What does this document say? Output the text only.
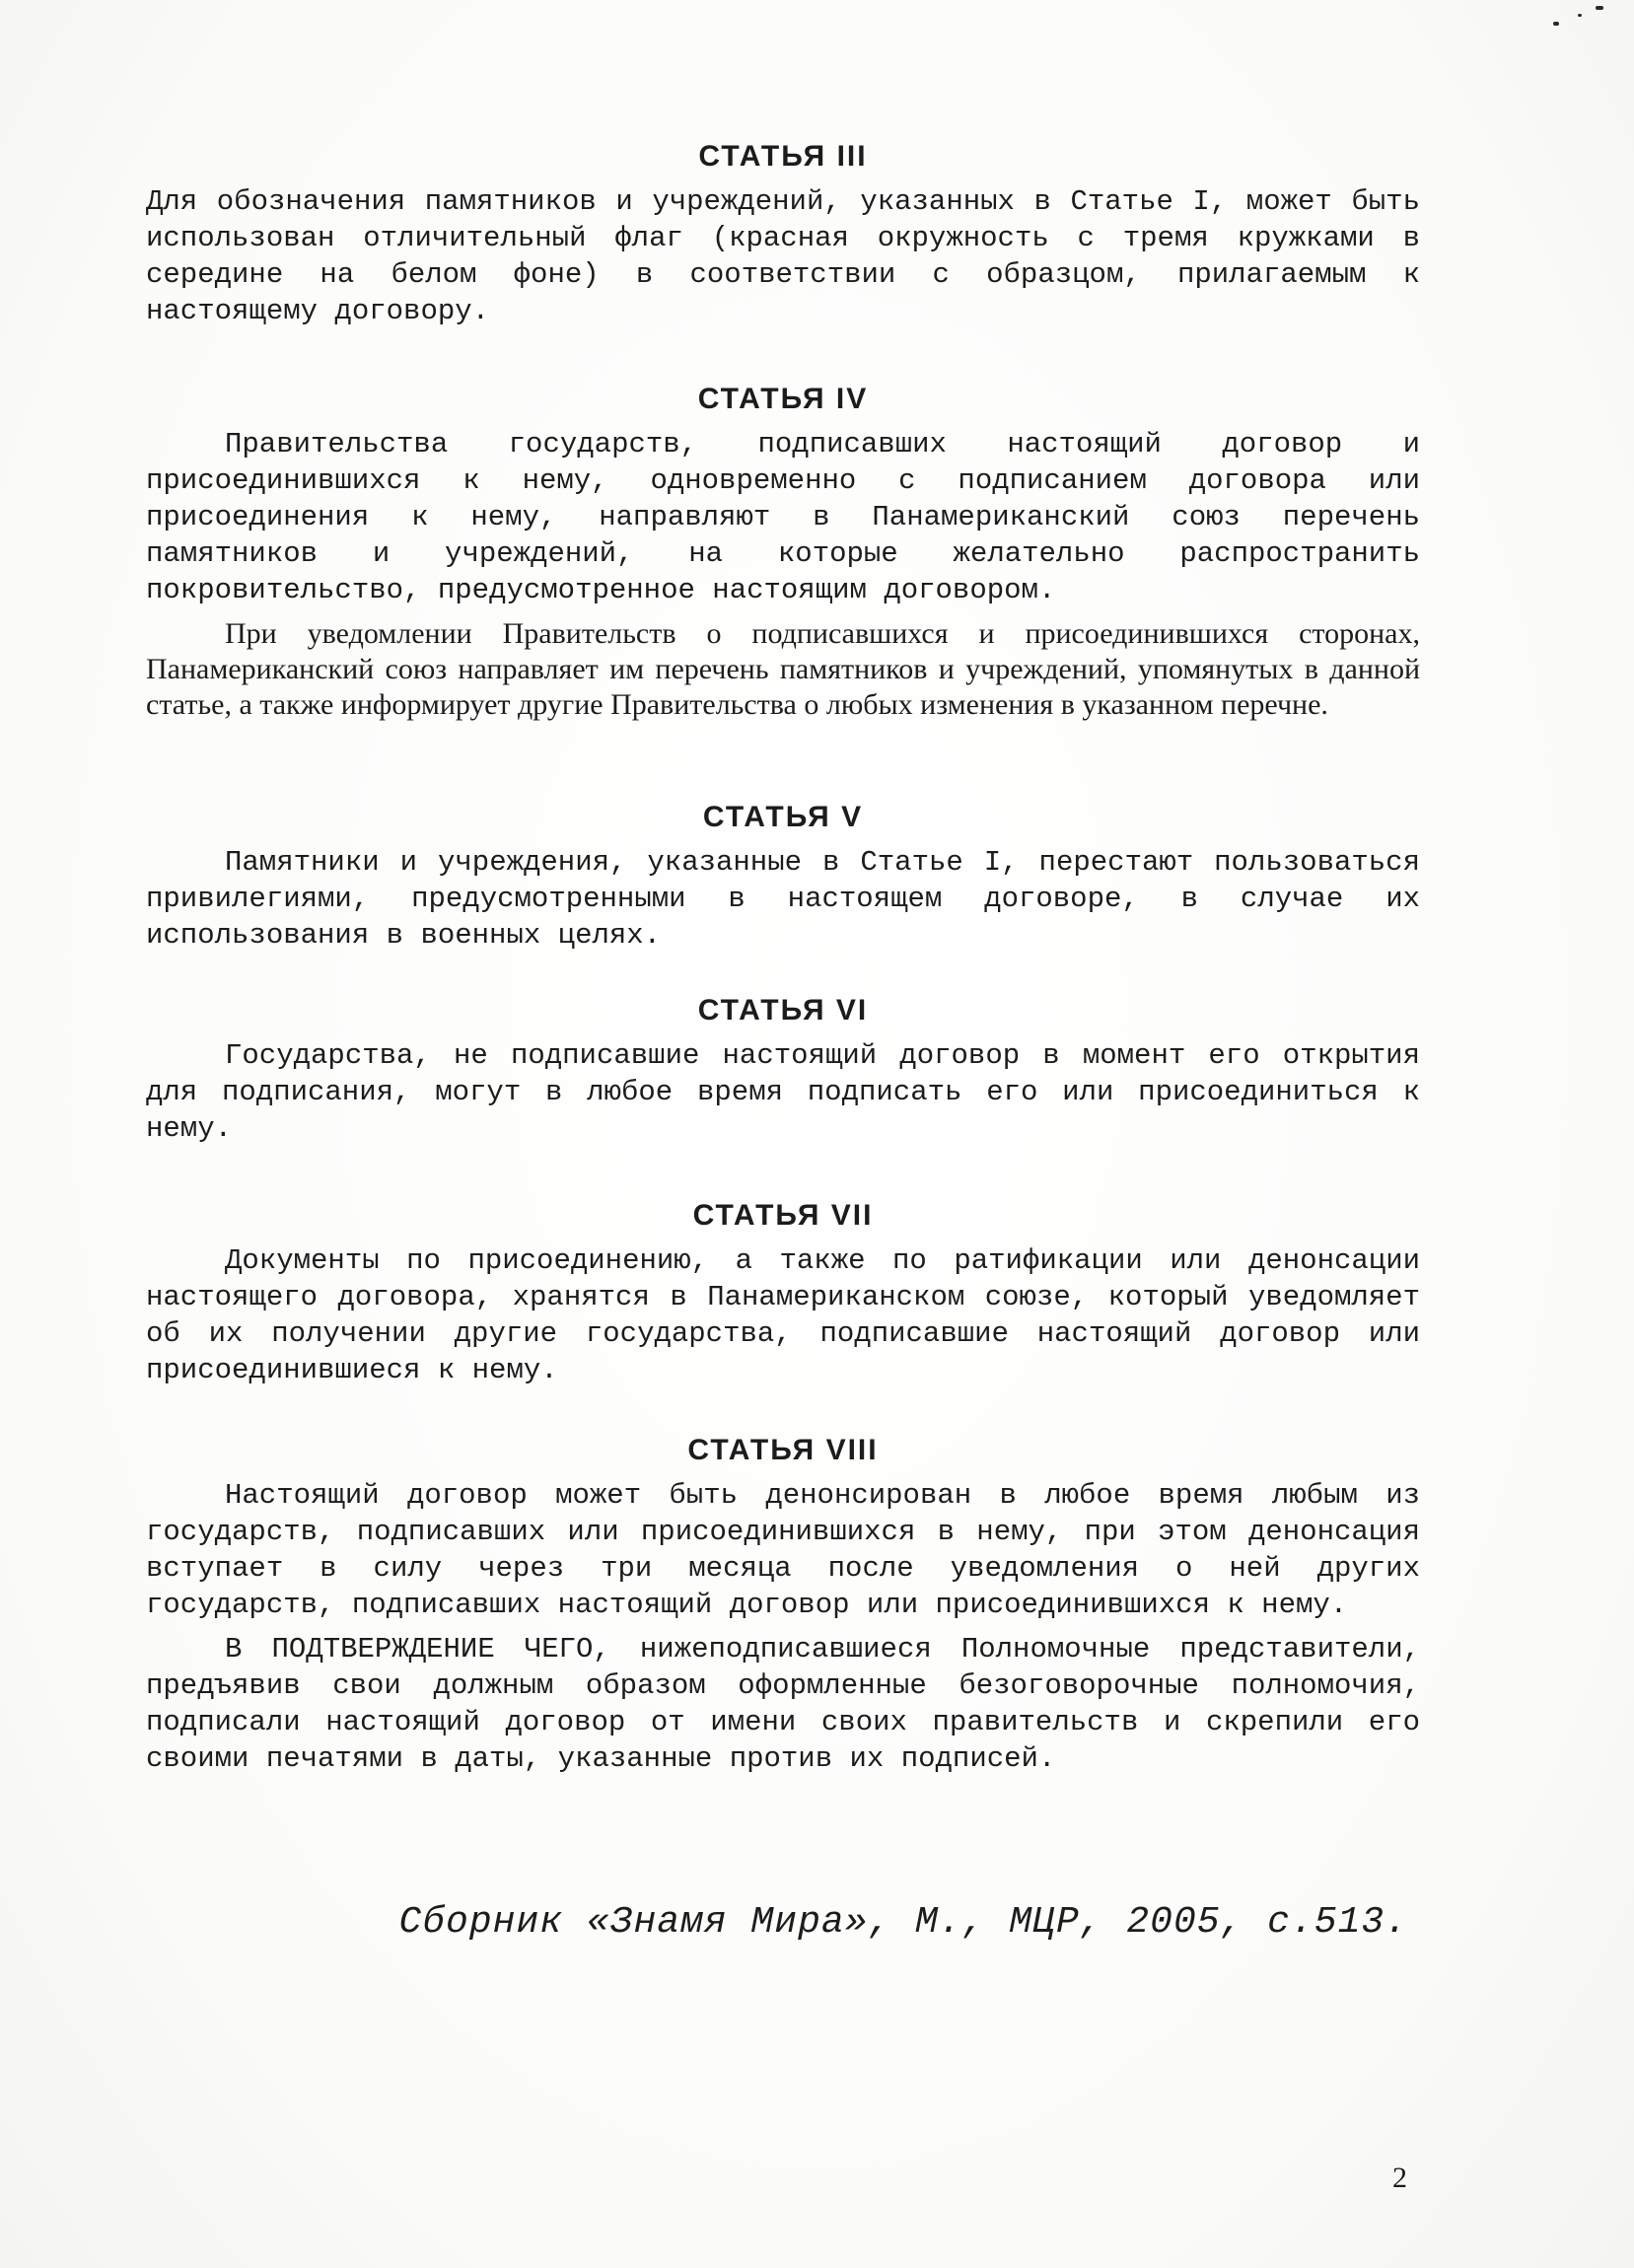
СТАТЬЯ III

Для обозначения памятников и учреждений, указанных в Статье I, может быть использован отличительный флаг (красная окружность с тремя кружками в середине на белом фоне) в соответствии с образцом, прилагаемым к настоящему договору.

СТАТЬЯ IV

Правительства государств, подписавших настоящий договор и присоединившихся к нему, одновременно с подписанием договора или присоединения к нему, направляют в Панамериканский союз перечень памятников и учреждений, на которые желательно распространить покровительство, предусмотренное настоящим договором.

При уведомлении Правительств о подписавшихся и присоединившихся сторонах, Панамериканский союз направляет им перечень памятников и учреждений, упомянутых в данной статье, а также информирует другие Правительства о любых изменения в указанном перечне.

СТАТЬЯ V

Памятники и учреждения, указанные в Статье I, перестают пользоваться привилегиями, предусмотренными в настоящем договоре, в случае их использования в военных целях.

СТАТЬЯ VI

Государства, не подписавшие настоящий договор в момент его открытия для подписания, могут в любое время подписать его или присоединиться к нему.

СТАТЬЯ VII

Документы по присоединению, а также по ратификации или денонсации настоящего договора, хранятся в Панамериканском союзе, который уведомляет об их получении другие государства, подписавшие настоящий договор или присоединившиеся к нему.

СТАТЬЯ VIII

Настоящий договор может быть денонсирован в любое время любым из государств, подписавших или присоединившихся в нему, при этом денонсация вступает в силу через три месяца после уведомления о ней других государств, подписавших настоящий договор или присоединившихся к нему.

В ПОДТВЕРЖДЕНИЕ ЧЕГО, нижеподписавшиеся Полномочные представители, предъявив свои должным образом оформленные безоговорочные полномочия, подписали настоящий договор от имени своих правительств и скрепили его своими печатями в даты, указанные против их подписей.

Сборник «Знамя Мира», М., МЦР, 2005, с.513.
2
